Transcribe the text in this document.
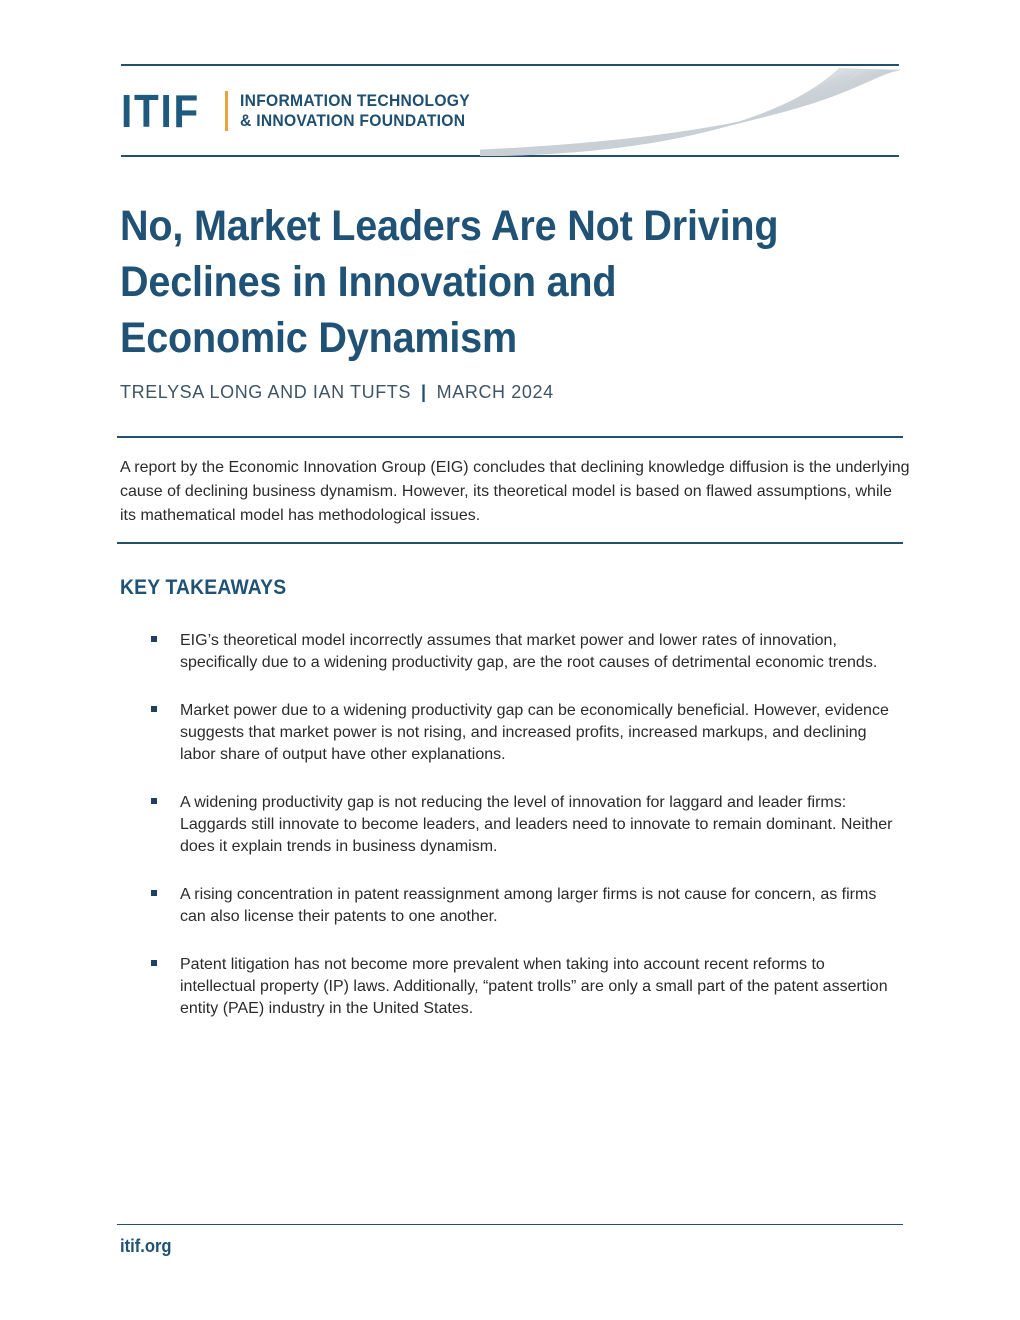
ITIF INFORMATION TECHNOLOGY
& INNOVATION FOUNDATION
No, Market Leaders Are Not Driving
Declines in Innovation and
Economic Dynamism
TRELYSA LONG AND IAN TUFTS | MARCH 2024

A report by the Economic Innovation Group (EIG) concludes that declining knowledge diffusion is the underlying cause of declining business dynamism. However, its theoretical model is based on flawed assumptions, while its mathematical model has methodological issues.

KEY TAKEAWAYS
EIG’s theoretical model incorrectly assumes that market power and lower rates of innovation, specifically due to a widening productivity gap, are the root causes of detrimental economic trends.
Market power due to a widening productivity gap can be economically beneficial. However, evidence suggests that market power is not rising, and increased profits, increased markups, and declining labor share of output have other explanations.
A widening productivity gap is not reducing the level of innovation for laggard and leader firms: Laggards still innovate to become leaders, and leaders need to innovate to remain dominant. Neither does it explain trends in business dynamism.
A rising concentration in patent reassignment among larger firms is not cause for concern, as firms can also license their patents to one another.
Patent litigation has not become more prevalent when taking into account recent reforms to intellectual property (IP) laws. Additionally, “patent trolls” are only a small part of the patent assertion entity (PAE) industry in the United States.
itif.org
